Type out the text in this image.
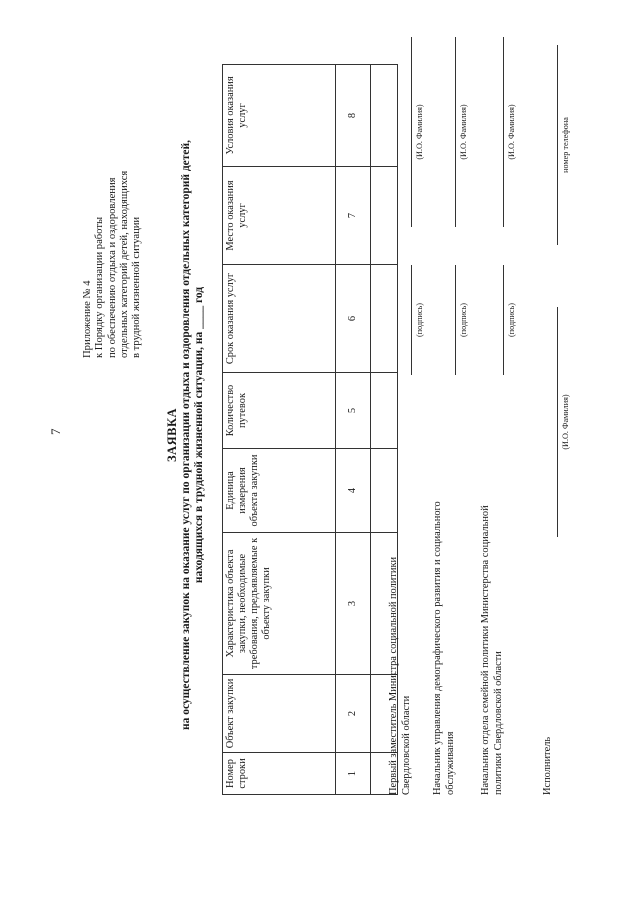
7
Приложение № 4 к Порядку организации работы по обеспечению отдыха и оздоровления отдельных категорий детей, находящихся в трудной жизненной ситуации
ЗАЯВКА на осуществление закупок на оказание услуг по организации отдыха и оздоровления отдельных категорий детей, находящихся в трудной жизненной ситуации, на ____ год
Номер строки	Объект закупки	Характеристика объекта закупки, необходимые требования, предъявляемые к объекту закупки	Единица измерения объекта закупки	Количество путевок	Срок оказания услуг	Место оказания услуг	Условия оказания услуг
1	2	3	4	5	6	7	8

Первый заместитель Министра социальной политики Свердловской области
(подпись)
(И.О. Фамилия)
Начальник управления демографического развития и социального обслуживания
(подпись)
(И.О. Фамилия)
Начальник отдела семейной политики Министерства социальной политики Свердловской области
(подпись)
(И.О. Фамилия)
Исполнитель
(И.О. Фамилия)
номер телефона
